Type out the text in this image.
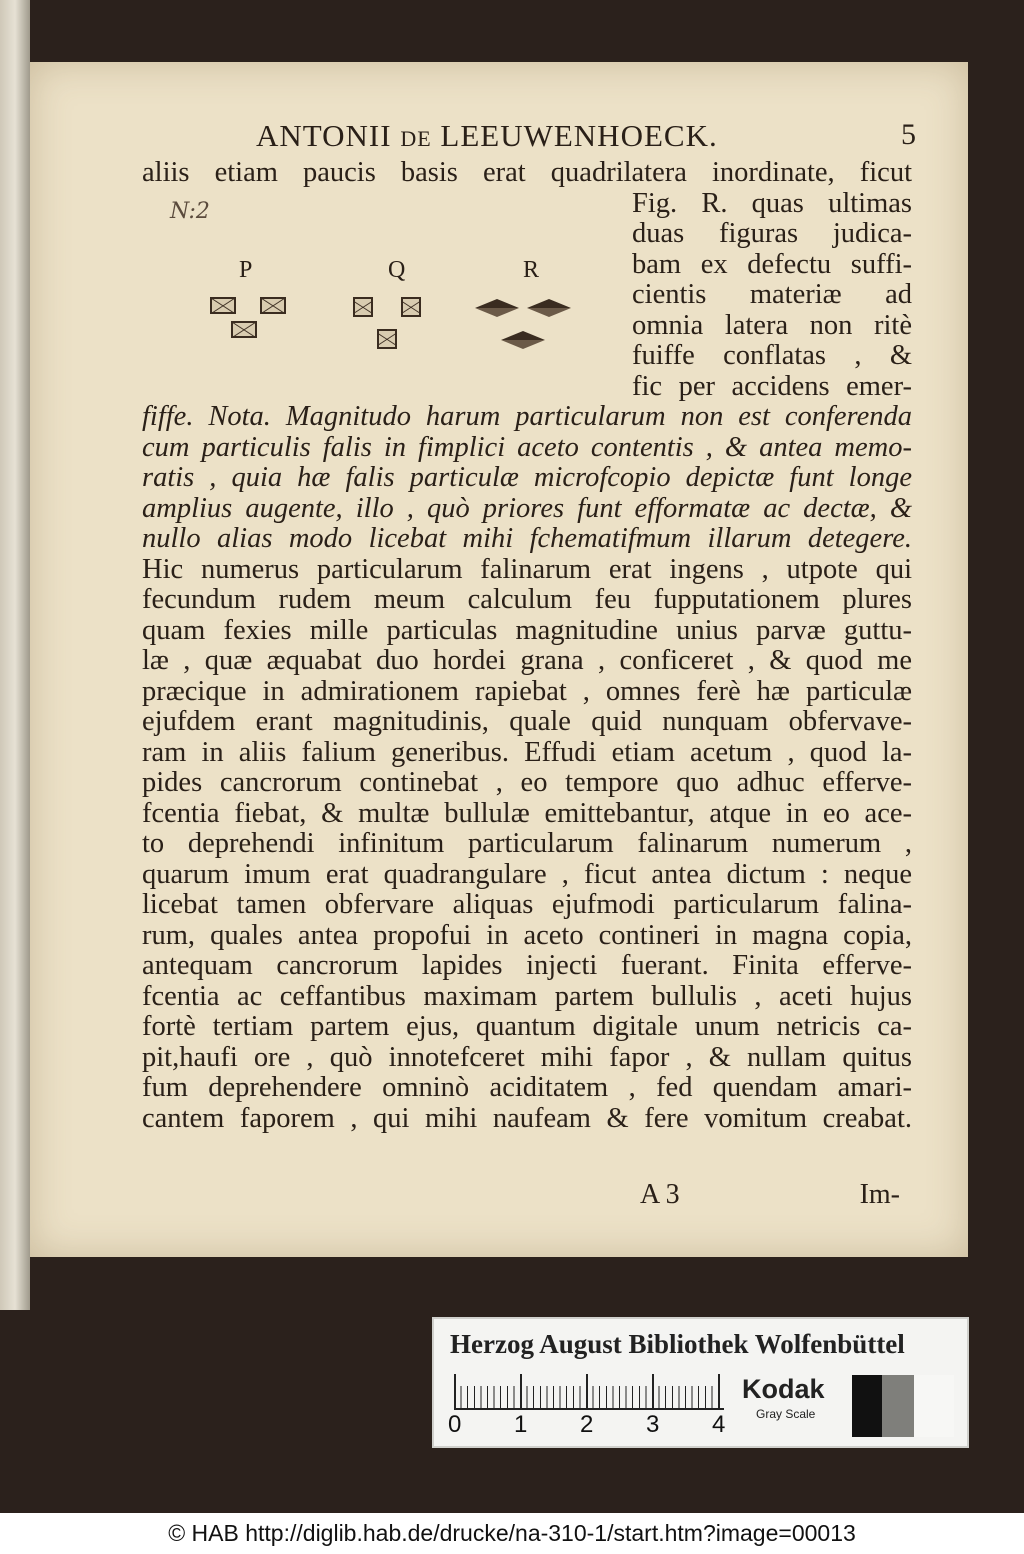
ANTONII DE LEEUWENHOECK.	5
N:2
P	Q	R
aliis etiam paucis basis erat quadrilatera inordinate, ficut
Fig. R. quas ultimas
duas figuras judica-
bam ex defectu suffi-
cientis materiæ ad
omnia latera non ritè
fuiffe conflatas , &
fic per accidens emer-
fiffe. Nota. Magnitudo harum particularum non est conferenda
cum particulis falis in fimplici aceto contentis , & antea memo-
ratis , quia hæ falis particulæ microfcopio depictæ funt longe
amplius augente, illo , quò priores funt efformatæ ac dectæ, &
nullo alias modo licebat mihi fchematifmum illarum detegere.
Hic numerus particularum falinarum erat ingens , utpote qui
fecundum rudem meum calculum feu fupputationem plures
quam fexies mille particulas magnitudine unius parvæ guttu-
læ , quæ æquabat duo hordei grana , conficeret , & quod me
præcique in admirationem rapiebat , omnes ferè hæ particulæ
ejufdem erant magnitudinis, quale quid nunquam obfervave-
ram in aliis falium generibus. Effudi etiam acetum , quod la-
pides cancrorum continebat , eo tempore quo adhuc efferve-
fcentia fiebat, & multæ bullulæ emittebantur, atque in eo ace-
to deprehendi infinitum particularum falinarum numerum ,
quarum imum erat quadrangulare , ficut antea dictum : neque
licebat tamen obfervare aliquas ejufmodi particularum falina-
rum, quales antea propofui in aceto contineri in magna copia,
antequam cancrorum lapides injecti fuerant. Finita efferve-
fcentia ac ceffantibus maximam partem bullulis , aceti hujus
fortè tertiam partem ejus, quantum digitale unum netricis ca-
pit,haufi ore , quò innotefceret mihi fapor , & nullam quitus
fum deprehendere omninò aciditatem , fed quendam amari-
cantem faporem , qui mihi naufeam & fere vomitum creabat.
A 3	Im-
Herzog August Bibliothek Wolfenbüttel
0 1 2 3 4
Kodak
Gray Scale
© HAB http://diglib.hab.de/drucke/na-310-1/start.htm?image=00013
